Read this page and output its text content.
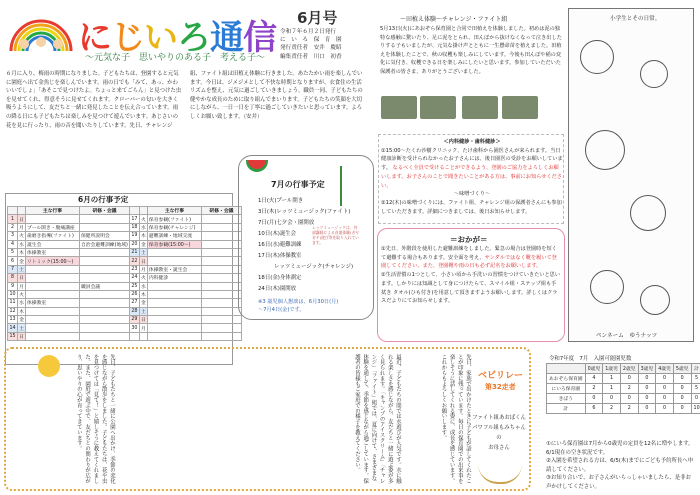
にじいろ通信
〜元気な子　思いやりのある子　考える子〜
6月号
令和７年６月２日発行
に　い　ろ　保　育　園
発行責任者　安井　慶昭
編集責任者　川口　初香
６月に入り、梅雨の時期になりました。子どもたちは、登園すると元気に園庭へ出て金魚じを楽しんでいます。雨の日でも「みて、あっ、かわいいでしょ」「あそこで見つけたよ。ちょっと来てごらん」と見つけた虫を見せてくれ、得意そうに見せてくれます。クローバーの匂いを大きく吸うようにして、友だちと一緒に発見したことを伝え合っています。雨の降る日にも子どもたちは楽しみを見つけて遊んでいます。あじさいの花を見に行ったり、雨の音を聞いたりしています。先日、チャレンジ組、ファイト組は田植え体験に行きました。あたたかい雨を楽しんでいます。今日は、ジメジメとして不快な時期となりますが、衣食住の生活リズムを整え、元気に過ごしていきましょう。職員一同、子どもたちの健やかな成長のために取り組んでまいります。子どもたちの笑顔を大切にしながら、一日一日を丁寧に過ごしていきたいと思っています。よろしくお願い致します。（安井）
6月の行事予定
		主な行事	研修・会議			主な行事	研修・会議
1	日			17	火	保育参観(ファイト)	
2	月	プール開き・腹痛講座		18	水	保育参観(チャレンジ)	
3	火	歯磨き指導(ファイト)	保健所説明会	19	木	避難訓練・地域交流	
4	水	誕生会	自治会避難訓練(地域)	20	金	保育参観(15:00〜)	
5	木	体操教室		21	土		
6	金	リトミック(15:00〜)		22	日		
7	土			23	月	体操教室・誕生会	
8	日			24	火	内科健診	
9	月		職員会議	25	水		
10	火			26	木		
11	水	体操教室		27	金		
12	木			28	土		
13	金			29	日		
14	土			30	月		
15	日						
7月の行事予定
1日(火)プール開き
3日(木)レッツミュージック(ファイト)
7日(月)七夕会・園開放
10日(木)誕生会
16日(水)避難訓練
17日(木)体操教室
　　　レッツミュージック(チャレンジ)
18日(金)身体測定
24日(木)園開放
レッツミュージックは、外部講師による音楽体験(ガヤガヤ)遊び等を取り入れています。
※3 歳児個人懇談は、6月30日(月)
〜7月4日(金)です。
〜田植え体験〜チャレンジ・ファイト組
5月13日(火)にあおぞら保育園と合同で田植えを体験しました。初めは泥の独特な感触に驚いたり、足に泥をとられ、田んぼから抜けなくなって泣き出したりする子もいましたが、元気な掛け声とともに一生懸命苗を植えました。田植えを体験したことで、秋の収穫も楽しみにしています。今後も田んぼや稲の変化に気付き、収穫できる日を楽しみにしたいと思います。参加していただいた保護者の皆さま、ありがとうございました。
＜内科健診・歯科健診＞
①15:00〜たくわ沙樹クリニック、たけ歯科から園医さんが来られます。当日健康診断を受けられなかったお子さんには、後日園医の受診をお願いしています。 なるべく全員で受けることができるよう、登園のご協力をよろしくお願いします。お子さんのことで聞きたいことがある方は、事前にお知らせください。
〜味噌づくり〜
②12(木)の味噌づくりには、ファイト組、チャレンジ組の保護者さんにも参加していただきます。詳細につきましては、後日お知らせします。
＝おかが＝
①先日、外階段を使用した避難訓練をしました。緊急の場合は登園時を短くて避難する場合もあります。安全面を考え、サンダルではなく靴を履いて登園してください。また、登園靴や雨の日も必ず記名をお願いします。
②生活習慣の1つとして、小さい頃から手洗いの習慣をつけていきたいと思います。しかりには知識として身につけたらて、スマイル組・ステップ組も手拭き タオル(ひも付き)を用意して頂きますようお願いします。詳しくはクラスだよりにてお知らせします。
小学生とその日常。
ペンネーム　ゆうナッツ
先日、子どもたちと一緒に公園へ出かけ、季節の変化を感じながら散歩をしました。子どもたちは、花や虫を見つけては「見て！」と嬉しそうに教えてくれました。また、園庭で遊ぶ中で、友だちとの関わりが広がり、思いやりの心が育ってきています。	最近、子どもたちの間では水遊びが人気です。水に触れる楽しさを感じながら、友だちと一緒に遊ぶ姿が多く見られます。「キャンプのアイスクリーム」「チャレンジ」「ファイト」組では、夏に向けて、さまざまな体験を通して、季節を感じながら過ごしています。保護者の皆様もご家庭での様子を教えてください。	先日、家族で出かけたときに子どもが話してくれたことが印象に残っています。毎日の保育園での出来事を楽しそうに話してくれる姿に、成長を感じています。これからもよろしくお願いします。	ベビリレー
第32走者
ファイト組あおばくん
パワフル組もみちゃんの
お母さん
令和7年度　7月　入園可能園児数
	0歳児	1歳児	2歳児	3歳児	4歳児	5歳児	計
あおぞら保育園	4	1	0	0	0	0	5
にいろ保育園	2	1	2	0	0	0	5
きぼう	0	0	0	0	0	0	0
計	6	2	2	0	0	0	10
①にいろ保育園は7月から0歳児の定員を12名に増やします。6/1現在の空き状況です。
②入園を希望される方は、6/5(木)までにごども予約所長へ申請してください。
③お知り合いで、お子さんがいらっしゃいましたら、是非お声かけしてください。
